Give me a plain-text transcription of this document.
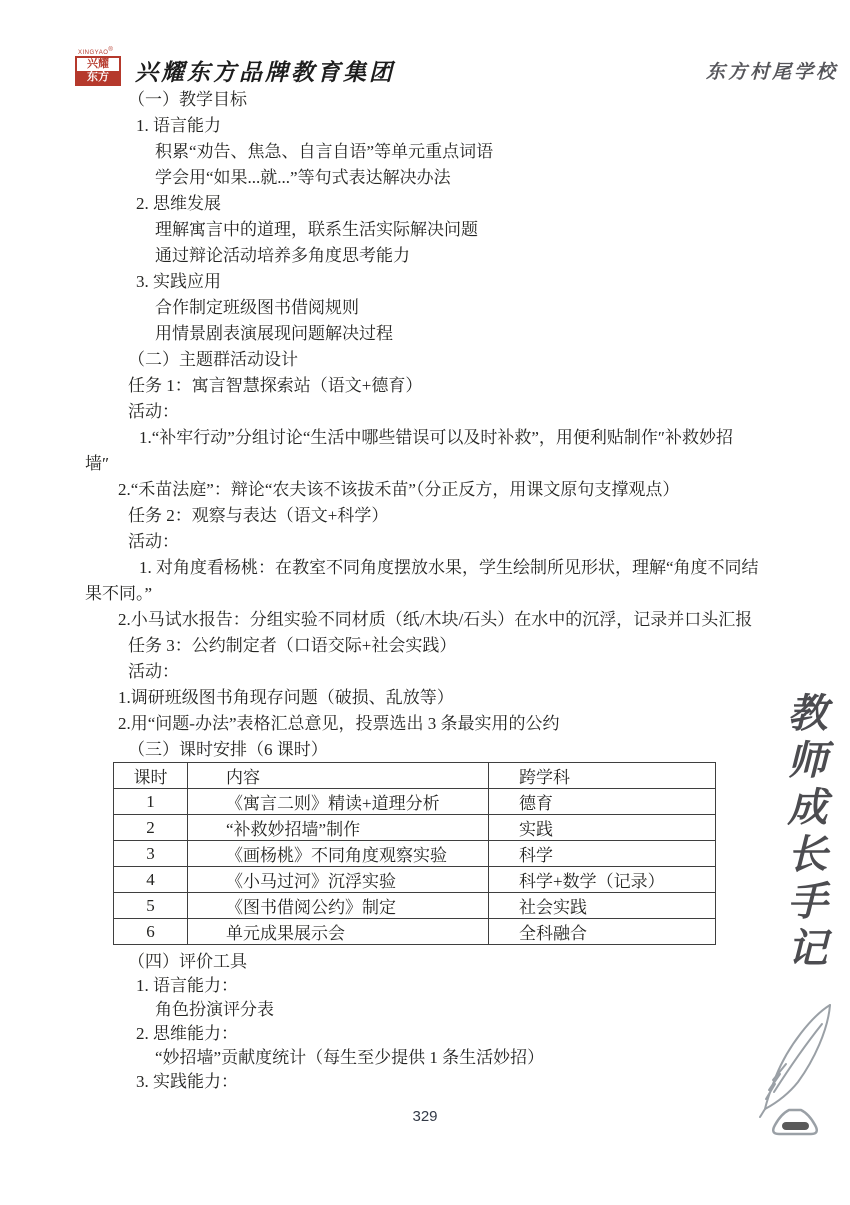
XINGYAO®
兴耀
东方	兴耀东方品牌教育集团	东方村尾学校
（一）教学目标
1. 语言能力
积累“劝告、焦急、自言自语”等单元重点词语
学会用“如果...就...”等句式表达解决办法
2. 思维发展
理解寓言中的道理，联系生活实际解决问题
通过辩论活动培养多角度思考能力
3. 实践应用
合作制定班级图书借阅规则
用情景剧表演展现问题解决过程
（二）主题群活动设计
任务 1：寓言智慧探索站（语文+德育）
活动：
1.“补牢行动”分组讨论“生活中哪些错误可以及时补救”，用便利贴制作″补救妙招
墙″
2.“禾苗法庭”：辩论“农夫该不该拔禾苗”（分正反方，用课文原句支撑观点）
任务 2：观察与表达（语文+科学）
活动：
1. 对角度看杨桃：在教室不同角度摆放水果，学生绘制所见形状，理解“角度不同结
果不同。”
2.小马试水报告：分组实验不同材质（纸/木块/石头）在水中的沉浮，记录并口头汇报
任务 3：公约制定者（口语交际+社会实践）
活动：
1.调研班级图书角现存问题（破损、乱放等）
2.用“问题-办法”表格汇总意见，投票选出 3 条最实用的公约
（三）课时安排（6 课时）
课时	内容	跨学科
1	《寓言二则》精读+道理分析	德育
2	“补救妙招墙”制作	实践
3	《画杨桃》不同角度观察实验	科学
4	《小马过河》沉浮实验	科学+数学（记录）
5	《图书借阅公约》制定	社会实践
6	单元成果展示会	全科融合
（四）评价工具
1. 语言能力：
角色扮演评分表
2. 思维能力：
“妙招墙”贡献度统计（每生至少提供 1 条生活妙招）
3. 实践能力：
教师成长手记
329
